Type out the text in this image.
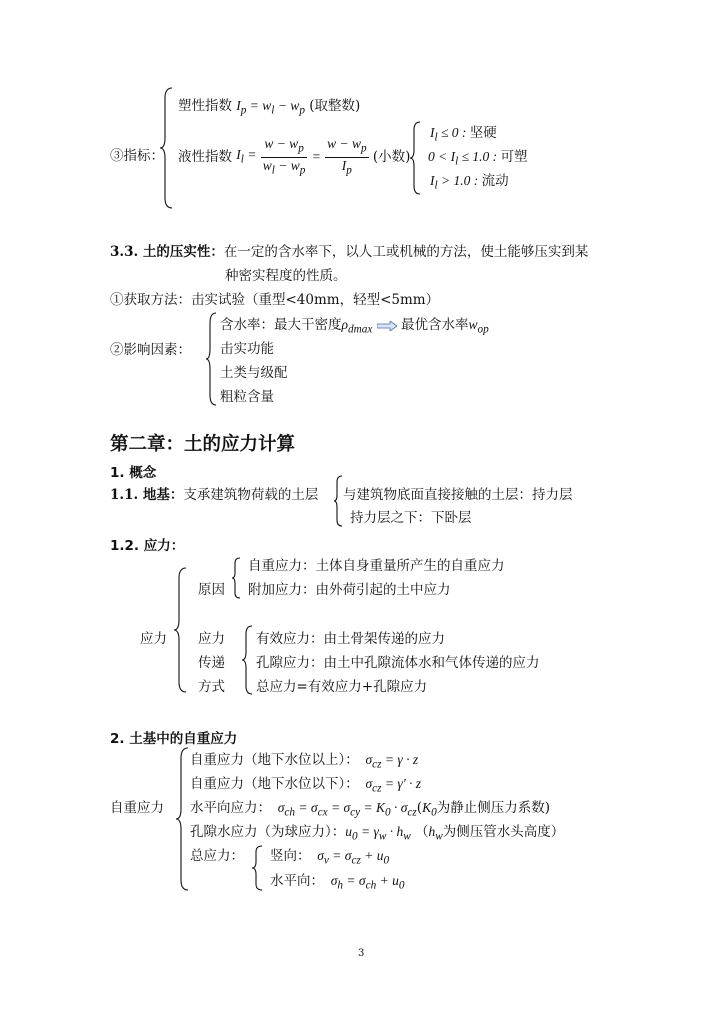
③指标：
塑性指数 $I_p = w_l - w_p$ (取整数)
液性指数 $I_l = \frac{w - w_p}{w_l - w_p} = \frac{w - w_p}{I_p}$ (小数)
$I_l \le 0$ : 坚硬
$0 < I_l \le 1.0$ : 可塑
$I_l > 1.0$ : 流动
3.3. 土的压实性：在一定的含水率下，以人工或机械的方法，使土能够压实到某
种密实程度的性质。
①获取方法：击实试验（重型<40mm，轻型<5mm）
②影响因素：
含水率：最大干密度$\rho_{dmax}$ 最优含水率$w_{op}$
击实功能
土类与级配
粗粒含量
第二章：土的应力计算
1. 概念
1.1. 地基：支承建筑物荷载的土层 与建筑物底面直接接触的土层：持力层
持力层之下：下卧层
1.2. 应力：
应力
原因
自重应力：土体自身重量所产生的自重应力
附加应力：由外荷引起的土中应力
应力
传递
方式
有效应力：由土骨架传递的应力
孔隙应力：由土中孔隙流体水和气体传递的应力
总应力=有效应力+孔隙应力
2. 土基中的自重应力
自重应力
自重应力（地下水位以上）：  $\sigma_{cz} = \gamma \cdot z$
自重应力（地下水位以下）：  $\sigma_{cz} = \gamma' \cdot z$
水平向应力：  $\sigma_{ch} = \sigma_{cx} = \sigma_{cy} = K_0 \cdot \sigma_{cz}(K_0$为静止侧压力系数)
孔隙水应力（为球应力）：$u_0 = \gamma_w \cdot h_w$ （$h_w$为侧压管水头高度）
总应力： 竖向：  $\sigma_v = \sigma_{cz} + u_0$
水平向：  $\sigma_h = \sigma_{ch} + u_0$
3
